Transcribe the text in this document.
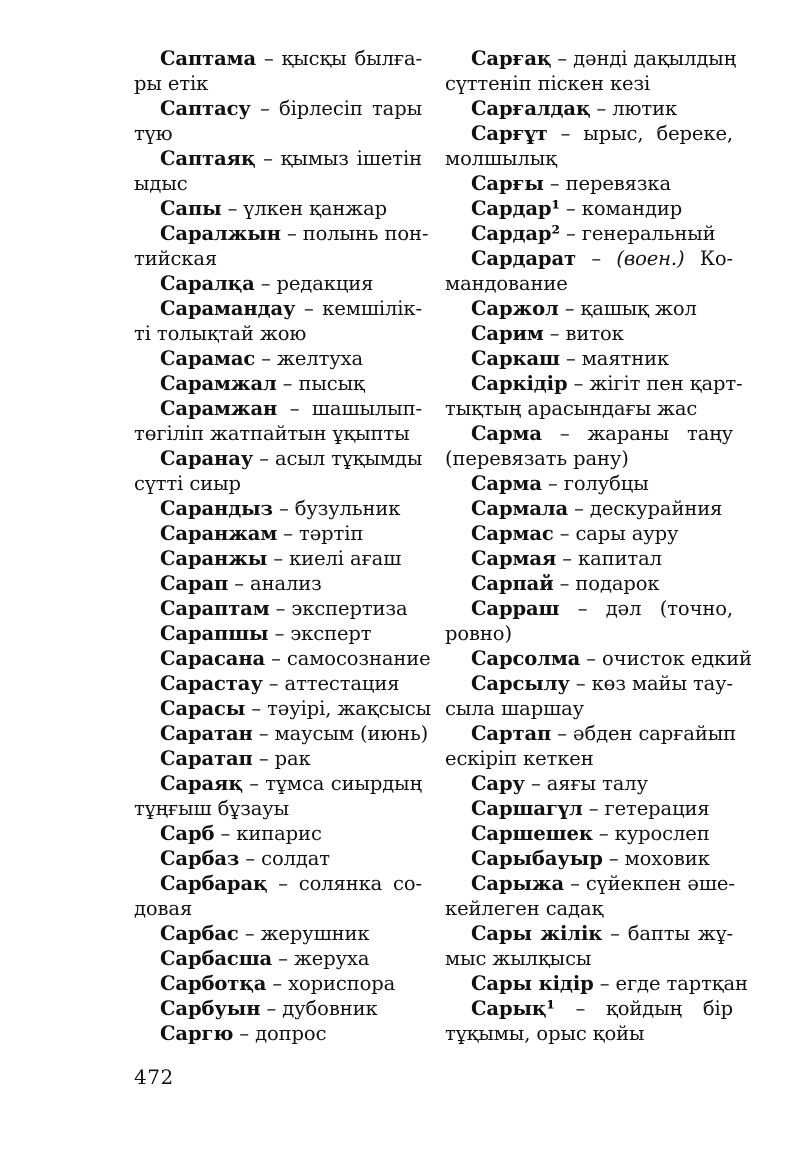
Саптама – қысқы былға-
ры етік
Саптасу – бірлесіп тары
түю
Саптаяқ – қымыз ішетін
ыдыс
Сапы – үлкен қанжар
Саралжын – полынь пон-
тийская
Саралқа – редакция
Сарамандау – кемшілік-
ті толықтай жою
Сарамас – желтуха
Сарамжал – пысық
Сарамжан – шашылып-
төгіліп жатпайтын ұқыпты
Саранау – асыл тұқымды
сүтті сиыр
Сарандыз – бузульник
Саранжам – тәртіп
Саранжы – киелі ағаш
Сарап – анализ
Сараптам – экспертиза
Сарапшы – эксперт
Сарасана – самосознание
Сарастау – аттестация
Сарасы – тәуірі, жақсысы
Саратан – маусым (июнь)
Саратап – рак
Сараяқ – тұмса сиырдың
тұңғыш бұзауы
Сарб – кипарис
Сарбаз – солдат
Сарбарақ – солянка со-
довая
Сарбас – жерушник
Сарбасша – жеруха
Сарботқа – хориспора
Сарбуын – дубовник
Саргю – допрос
Сарғақ – дәнді дақылдың
сүттеніп піскен кезі
Сарғалдақ – лютик
Сарғұт – ырыс, береке,
молшылық
Сарғы – перевязка
Сардар¹ – командир
Сардар² – генеральный
Сардарат – (воен.) Ко-
мандование
Саржол – қашық жол
Сарим – виток
Сaркаш – маятник
Саркідір – жігіт пен қарт-
тықтың арасындағы жас
Сарма – жараны таңу
(перевязать рану)
Сарма – голубцы
Сармала – дескурайния
Сармас – сары ауру
Сармая – капитал
Сарпай – подарок
Сарраш – дәл (точно,
ровно)
Сарсолма – очисток едкий
Сарсылу – көз майы тау-
сыла шаршау
Сартап – әбден сарғайып
ескіріп кеткен
Сару – аяғы талу
Саршагүл – гетерация
Саршешек – курослеп
Сарыбауыр – моховик
Сарыжа – сүйекпен әше-
кейлеген садақ
Сары жілік – бапты жұ-
мыс жылқысы
Сары кідір – егде тартқан
Сарық¹ – қойдың бір
тұқымы, орыс қойы
472
